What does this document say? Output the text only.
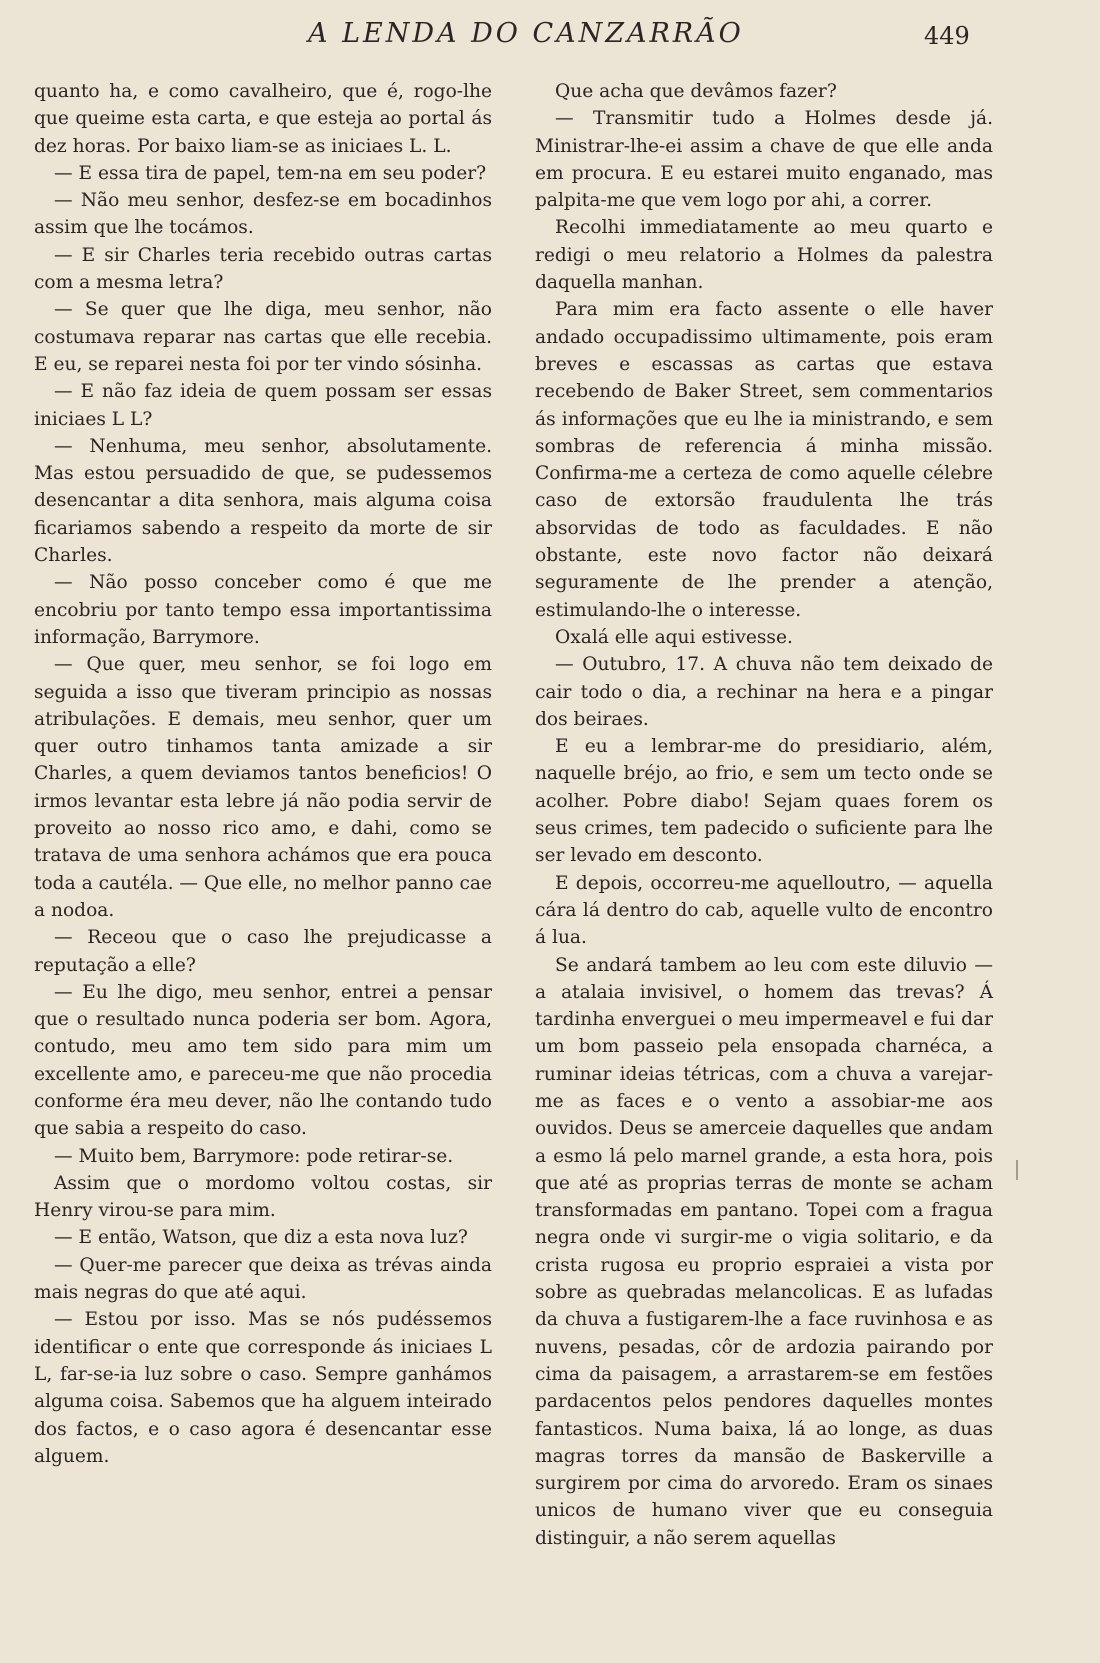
A LENDA DO CANZARRÃO	449

quanto ha, e como cavalheiro, que é, rogo-lhe que queime esta carta, e que esteja ao portal ás dez horas. Por baixo liam-se as iniciaes L. L.

— E essa tira de papel, tem-na em seu poder?

— Não meu senhor, desfez-se em bocadinhos assim que lhe tocámos.

— E sir Charles teria recebido outras cartas com a mesma letra?

— Se quer que lhe diga, meu senhor, não costumava reparar nas cartas que elle recebia. E eu, se reparei nesta foi por ter vindo sósinha.

— E não faz ideia de quem possam ser essas iniciaes L L?

— Nenhuma, meu senhor, absolutamente. Mas estou persuadido de que, se pudessemos desencantar a dita senhora, mais alguma coisa ficariamos sabendo a respeito da morte de sir Charles.

— Não posso conceber como é que me encobriu por tanto tempo essa importantissima informação, Barrymore.

— Que quer, meu senhor, se foi logo em seguida a isso que tiveram principio as nossas atribulações. E demais, meu senhor, quer um quer outro tinhamos tanta amizade a sir Charles, a quem deviamos tantos beneficios! O irmos levantar esta lebre já não podia servir de proveito ao nosso rico amo, e dahi, como se tratava de uma senhora achámos que era pouca toda a cautéla. — Que elle, no melhor panno cae a nodoa.

— Receou que o caso lhe prejudicasse a reputação a elle?

— Eu lhe digo, meu senhor, entrei a pensar que o resultado nunca poderia ser bom. Agora, contudo, meu amo tem sido para mim um excellente amo, e pareceu-me que não procedia conforme éra meu dever, não lhe contando tudo que sabia a respeito do caso.

— Muito bem, Barrymore: pode retirar-se.

Assim que o mordomo voltou costas, sir Henry virou-se para mim.

— E então, Watson, que diz a esta nova luz?

— Quer-me parecer que deixa as trévas ainda mais negras do que até aqui.

— Estou por isso. Mas se nós pudéssemos identificar o ente que corresponde ás iniciaes L L, far-se-ia luz sobre o caso. Sempre ganhámos alguma coisa. Sabemos que ha alguem inteirado dos factos, e o caso agora é desencantar esse alguem.

Que acha que devâmos fazer?

— Transmitir tudo a Holmes desde já. Ministrar-lhe-ei assim a chave de que elle anda em procura. E eu estarei muito enganado, mas palpita-me que vem logo por ahi, a correr.

Recolhi immediatamente ao meu quarto e redigi o meu relatorio a Holmes da palestra daquella manhan.

Para mim era facto assente o elle haver andado occupadissimo ultimamente, pois eram breves e escassas as cartas que estava recebendo de Baker Street, sem commentarios ás informações que eu lhe ia ministrando, e sem sombras de referencia á minha missão. Confirma-me a certeza de como aquelle célebre caso de extorsão fraudulenta lhe trás absorvidas de todo as faculdades. E não obstante, este novo factor não deixará seguramente de lhe prender a atenção, estimulando-lhe o interesse.

Oxalá elle aqui estivesse.

— Outubro, 17. A chuva não tem deixado de cair todo o dia, a rechinar na hera e a pingar dos beiraes.

E eu a lembrar-me do presidiario, além, naquelle bréjo, ao frio, e sem um tecto onde se acolher. Pobre diabo! Sejam quaes forem os seus crimes, tem padecido o suficiente para lhe ser levado em desconto.

E depois, occorreu-me aquelloutro, — aquella cára lá dentro do cab, aquelle vulto de encontro á lua.

Se andará tambem ao leu com este diluvio — a atalaia invisivel, o homem das trevas? Á tardinha enverguei o meu impermeavel e fui dar um bom passeio pela ensopada charnéca, a ruminar ideias tétricas, com a chuva a varejar-me as faces e o vento a assobiar-me aos ouvidos. Deus se amerceie daquelles que andam a esmo lá pelo marnel grande, a esta hora, pois que até as proprias terras de monte se acham transformadas em pantano. Topei com a fragua negra onde vi surgir-me o vigia solitario, e da crista rugosa eu proprio espraiei a vista por sobre as quebradas melancolicas. E as lufadas da chuva a fustigarem-lhe a face ruvinhosa e as nuvens, pesadas, côr de ardozia pairando por cima da paisagem, a arrastarem-se em festões pardacentos pelos pendores daquelles montes fantasticos. Numa baixa, lá ao longe, as duas magras torres da mansão de Baskerville a surgirem por cima do arvoredo. Eram os sinaes unicos de humano viver que eu conseguia distinguir, a não serem aquellas
